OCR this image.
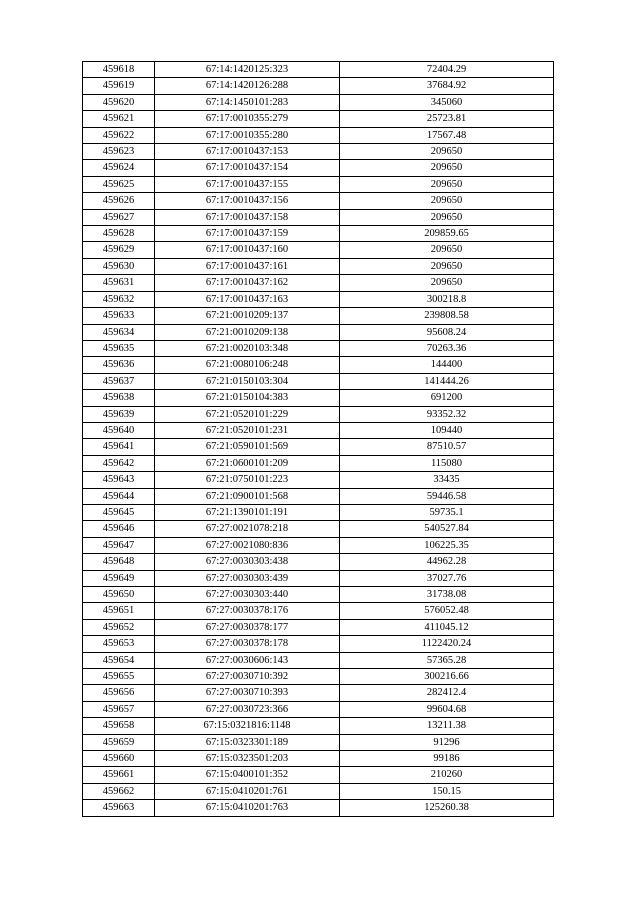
459618	67:14:1420125:323	72404.29
459619	67:14:1420126:288	37684.92
459620	67:14:1450101:283	345060
459621	67:17:0010355:279	25723.81
459622	67:17:0010355:280	17567.48
459623	67:17:0010437:153	209650
459624	67:17:0010437:154	209650
459625	67:17:0010437:155	209650
459626	67:17:0010437:156	209650
459627	67:17:0010437:158	209650
459628	67:17:0010437:159	209859.65
459629	67:17:0010437:160	209650
459630	67:17:0010437:161	209650
459631	67:17:0010437:162	209650
459632	67:17:0010437:163	300218.8
459633	67:21:0010209:137	239808.58
459634	67:21:0010209:138	95608.24
459635	67:21:0020103:348	70263.36
459636	67:21:0080106:248	144400
459637	67:21:0150103:304	141444.26
459638	67:21:0150104:383	691200
459639	67:21:0520101:229	93352.32
459640	67:21:0520101:231	109440
459641	67:21:0590101:569	87510.57
459642	67:21:0600101:209	115080
459643	67:21:0750101:223	33435
459644	67:21:0900101:568	59446.58
459645	67:21:1390101:191	59735.1
459646	67:27:0021078:218	540527.84
459647	67:27:0021080:836	106225.35
459648	67:27:0030303:438	44962.28
459649	67:27:0030303:439	37027.76
459650	67:27:0030303:440	31738.08
459651	67:27:0030378:176	576052.48
459652	67:27:0030378:177	411045.12
459653	67:27:0030378:178	1122420.24
459654	67:27:0030606:143	57365.28
459655	67:27:0030710:392	300216.66
459656	67:27:0030710:393	282412.4
459657	67:27:0030723:366	99604.68
459658	67:15:0321816:1148	13211.38
459659	67:15:0323301:189	91296
459660	67:15:0323501:203	99186
459661	67:15:0400101:352	210260
459662	67:15:0410201:761	150.15
459663	67:15:0410201:763	125260.38
